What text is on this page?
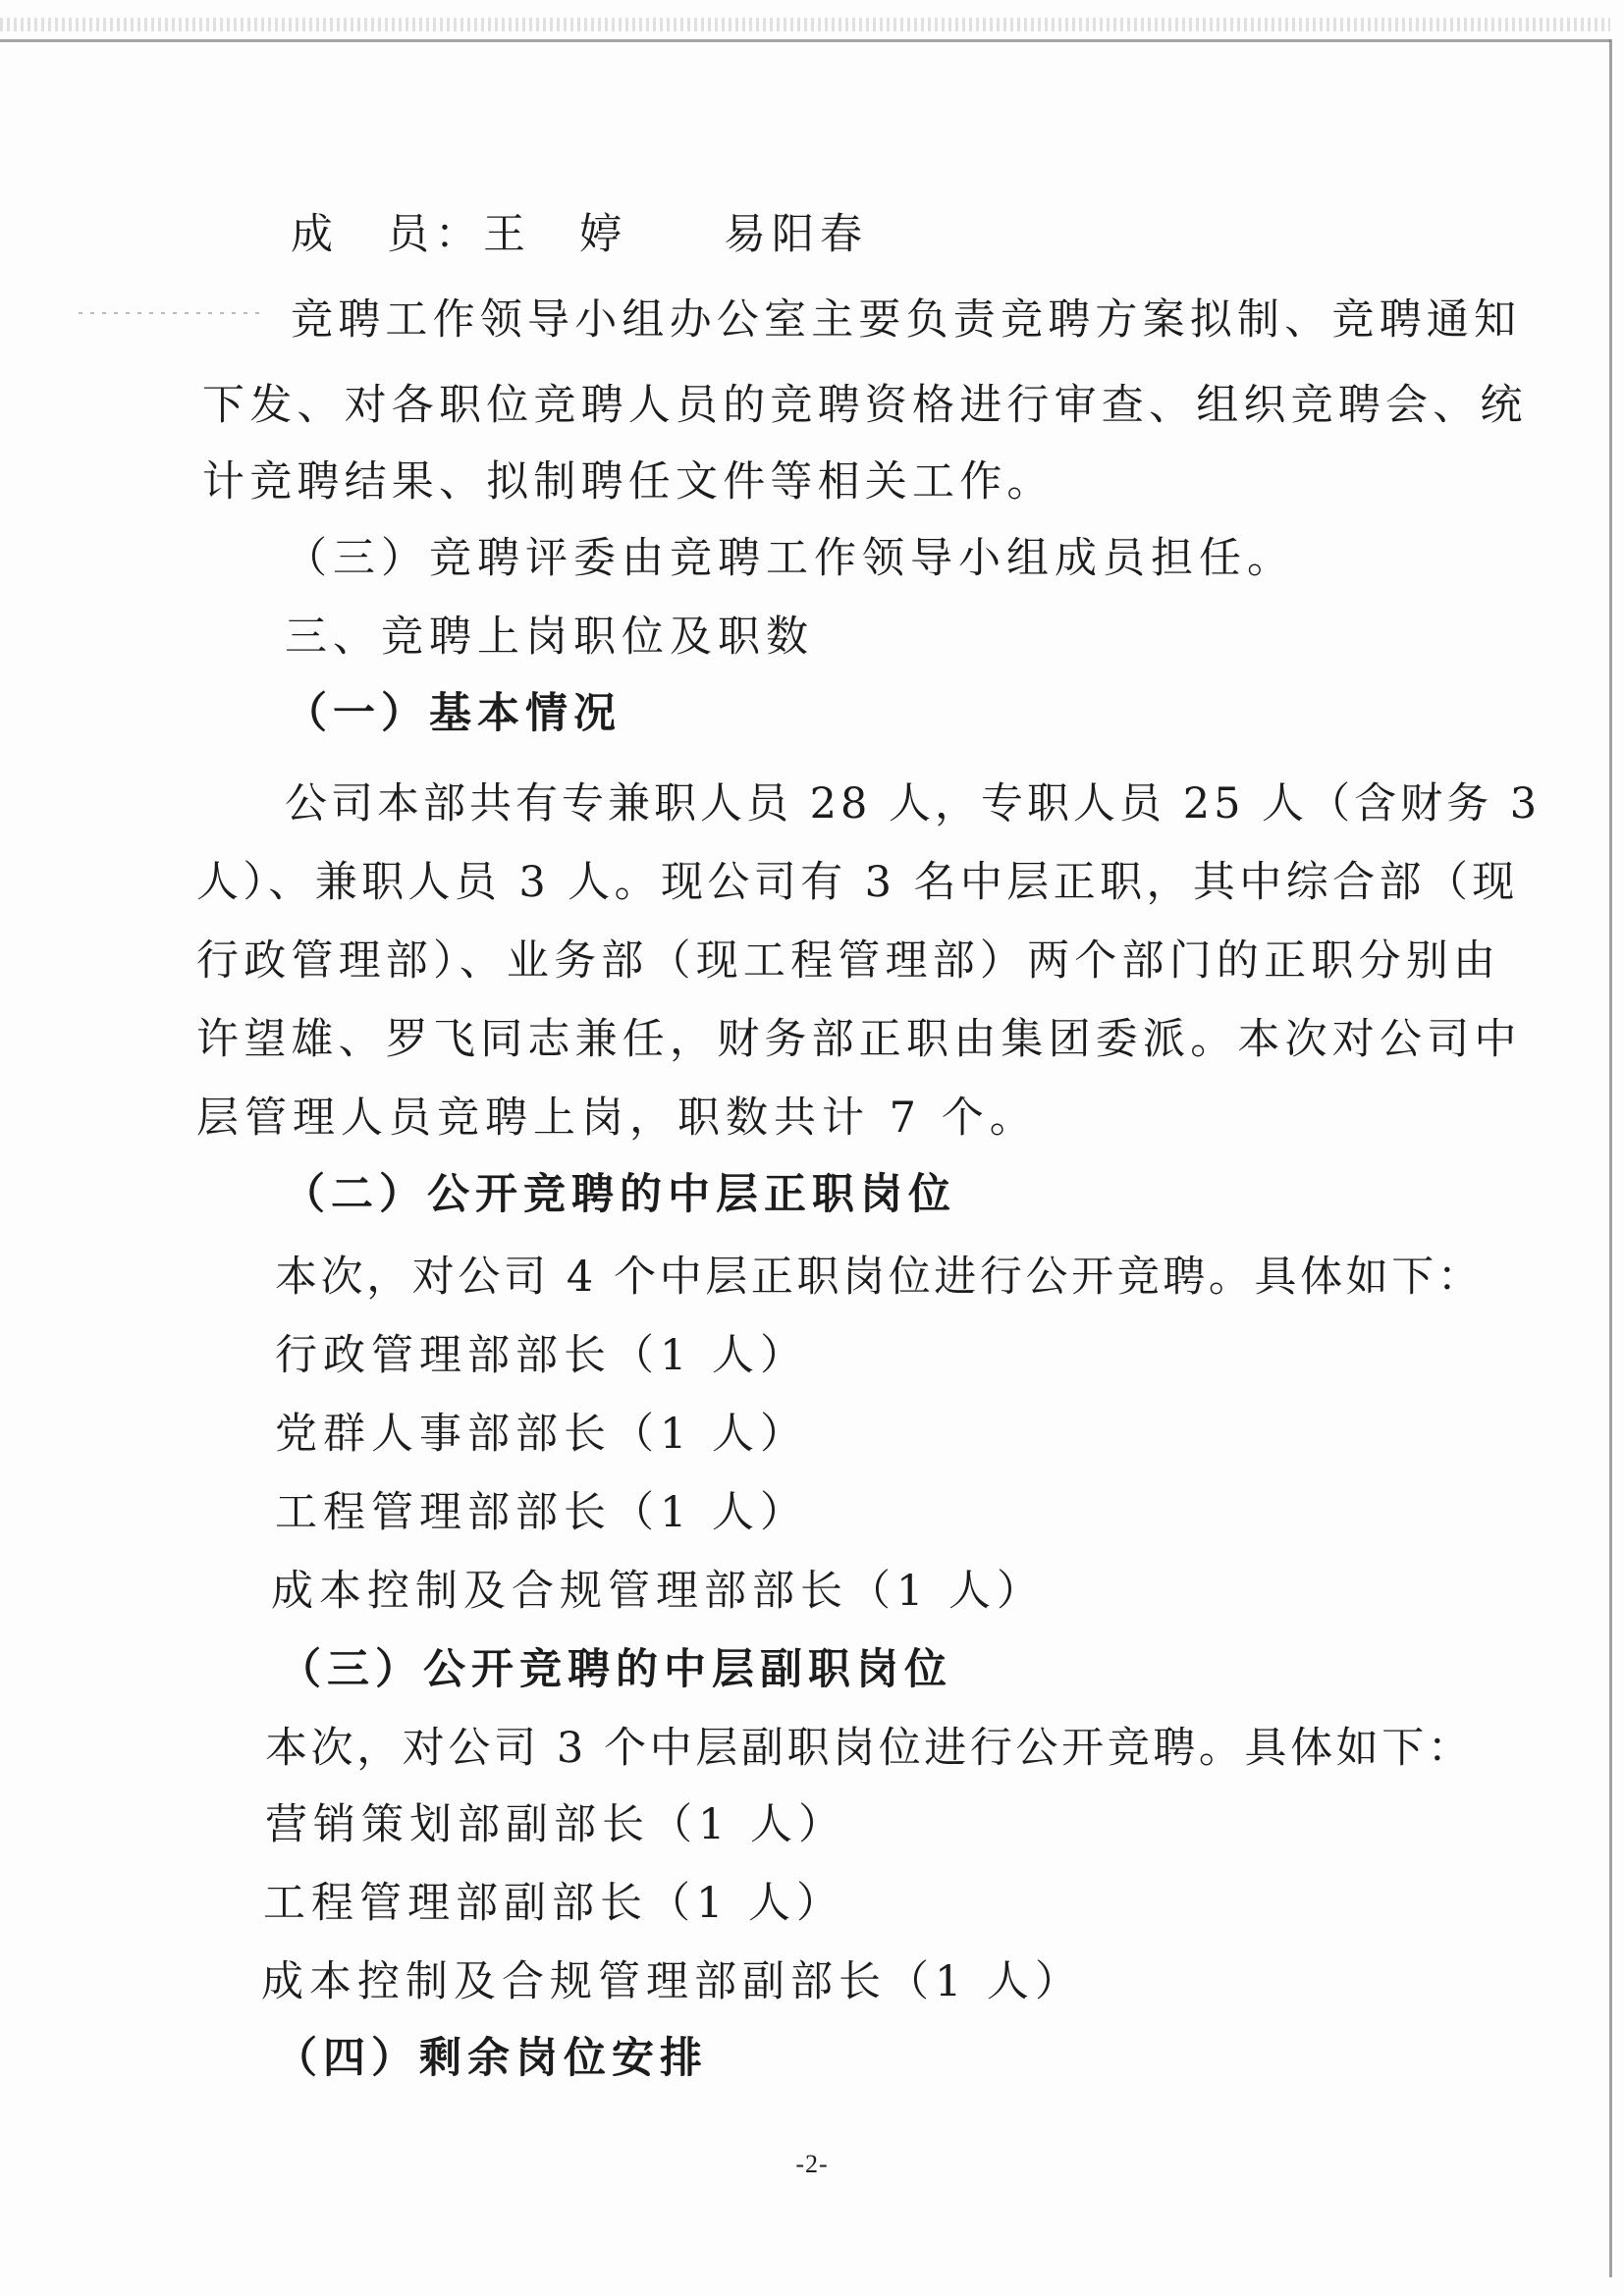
成　员：王　婷　　易阳春
竞聘工作领导小组办公室主要负责竞聘方案拟制、竞聘通知
下发、对各职位竞聘人员的竞聘资格进行审查、组织竞聘会、统
计竞聘结果、拟制聘任文件等相关工作。
（三）竞聘评委由竞聘工作领导小组成员担任。
三、竞聘上岗职位及职数
（一）基本情况
公司本部共有专兼职人员 28 人，专职人员 25 人（含财务 3
人）、兼职人员 3 人。现公司有 3 名中层正职，其中综合部（现
行政管理部）、业务部（现工程管理部）两个部门的正职分别由
许望雄、罗飞同志兼任，财务部正职由集团委派。本次对公司中
层管理人员竞聘上岗，职数共计 7 个。
（二）公开竞聘的中层正职岗位
本次，对公司 4 个中层正职岗位进行公开竞聘。具体如下：
行政管理部部长（1 人）
党群人事部部长（1 人）
工程管理部部长（1 人）
成本控制及合规管理部部长（1 人）
（三）公开竞聘的中层副职岗位
本次，对公司 3 个中层副职岗位进行公开竞聘。具体如下：
营销策划部副部长（1 人）
工程管理部副部长（1 人）
成本控制及合规管理部副部长（1 人）
（四）剩余岗位安排
-2-
